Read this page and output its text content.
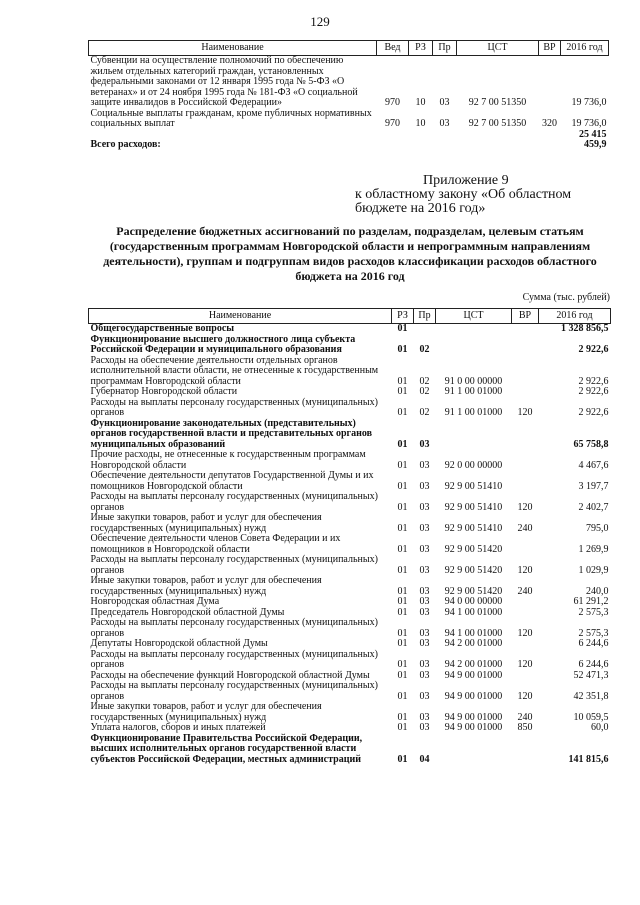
129
Наименование	Вед	РЗ	Пр	ЦСТ	ВР	2016 год
Субвенции на осуществление полномочий по обеспечению жильем отдельных категорий граждан, установленных федеральными законами от 12 января 1995 года № 5-ФЗ «О ветеранах» и от 24 ноября 1995 года № 181-ФЗ «О социальной защите инвалидов в Российской Федерации»	970	10	03	92 7 00 51350		19 736,0
Социальные выплаты гражданам, кроме публичных нормативных социальных выплат	970	10	03	92 7 00 51350	320	19 736,0
Всего расходов:						25 415 459,9
Приложение 9
к областному закону «Об областном бюджете на 2016 год»
Распределение бюджетных ассигнований по разделам, подразделам, целевым статьям (государственным программам Новгородской области и непрограммным направлениям деятельности), группам и подгруппам видов расходов классификации расходов областного бюджета на 2016 год
Сумма (тыс. рублей)
Наименование	РЗ	Пр	ЦСТ	ВР	2016 год
Общегосударственные вопросы	01				1 328 856,5
Функционирование высшего должностного лица субъекта Российской Федерации и муниципального образования	01	02			2 922,6
Расходы на обеспечение деятельности отдельных органов исполнительной власти области, не отнесенные к государственным программам Новгородской области	01	02	91 0 00 00000		2 922,6
Губернатор Новгородской области	01	02	91 1 00 01000		2 922,6
Расходы на выплаты персоналу государственных (муниципальных) органов	01	02	91 1 00 01000	120	2 922,6
Функционирование законодательных (представительных) органов государственной власти и представительных органов муниципальных образований	01	03			65 758,8
Прочие расходы, не отнесенные к государственным программам Новгородской области	01	03	92 0 00 00000		4 467,6
Обеспечение деятельности депутатов Государственной Думы и их помощников Новгородской области	01	03	92 9 00 51410		3 197,7
Расходы на выплаты персоналу государственных (муниципальных) органов	01	03	92 9 00 51410	120	2 402,7
Иные закупки товаров, работ и услуг для обеспечения государственных (муниципальных) нужд	01	03	92 9 00 51410	240	795,0
Обеспечение деятельности членов Совета Федерации и их помощников в Новгородской области	01	03	92 9 00 51420		1 269,9
Расходы на выплаты персоналу государственных (муниципальных) органов	01	03	92 9 00 51420	120	1 029,9
Иные закупки товаров, работ и услуг для обеспечения государственных (муниципальных) нужд	01	03	92 9 00 51420	240	240,0
Новгородская областная Дума	01	03	94 0 00 00000		61 291,2
Председатель Новгородской областной Думы	01	03	94 1 00 01000		2 575,3
Расходы на выплаты персоналу государственных (муниципальных) органов	01	03	94 1 00 01000	120	2 575,3
Депутаты Новгородской областной Думы	01	03	94 2 00 01000		6 244,6
Расходы на выплаты персоналу государственных (муниципальных) органов	01	03	94 2 00 01000	120	6 244,6
Расходы на обеспечение функций Новгородской областной Думы	01	03	94 9 00 01000		52 471,3
Расходы на выплаты персоналу государственных (муниципальных) органов	01	03	94 9 00 01000	120	42 351,8
Иные закупки товаров, работ и услуг для обеспечения государственных (муниципальных) нужд	01	03	94 9 00 01000	240	10 059,5
Уплата налогов, сборов и иных платежей	01	03	94 9 00 01000	850	60,0
Функционирование Правительства Российской Федерации, высших исполнительных органов государственной власти субъектов Российской Федерации, местных администраций	01	04			141 815,6
